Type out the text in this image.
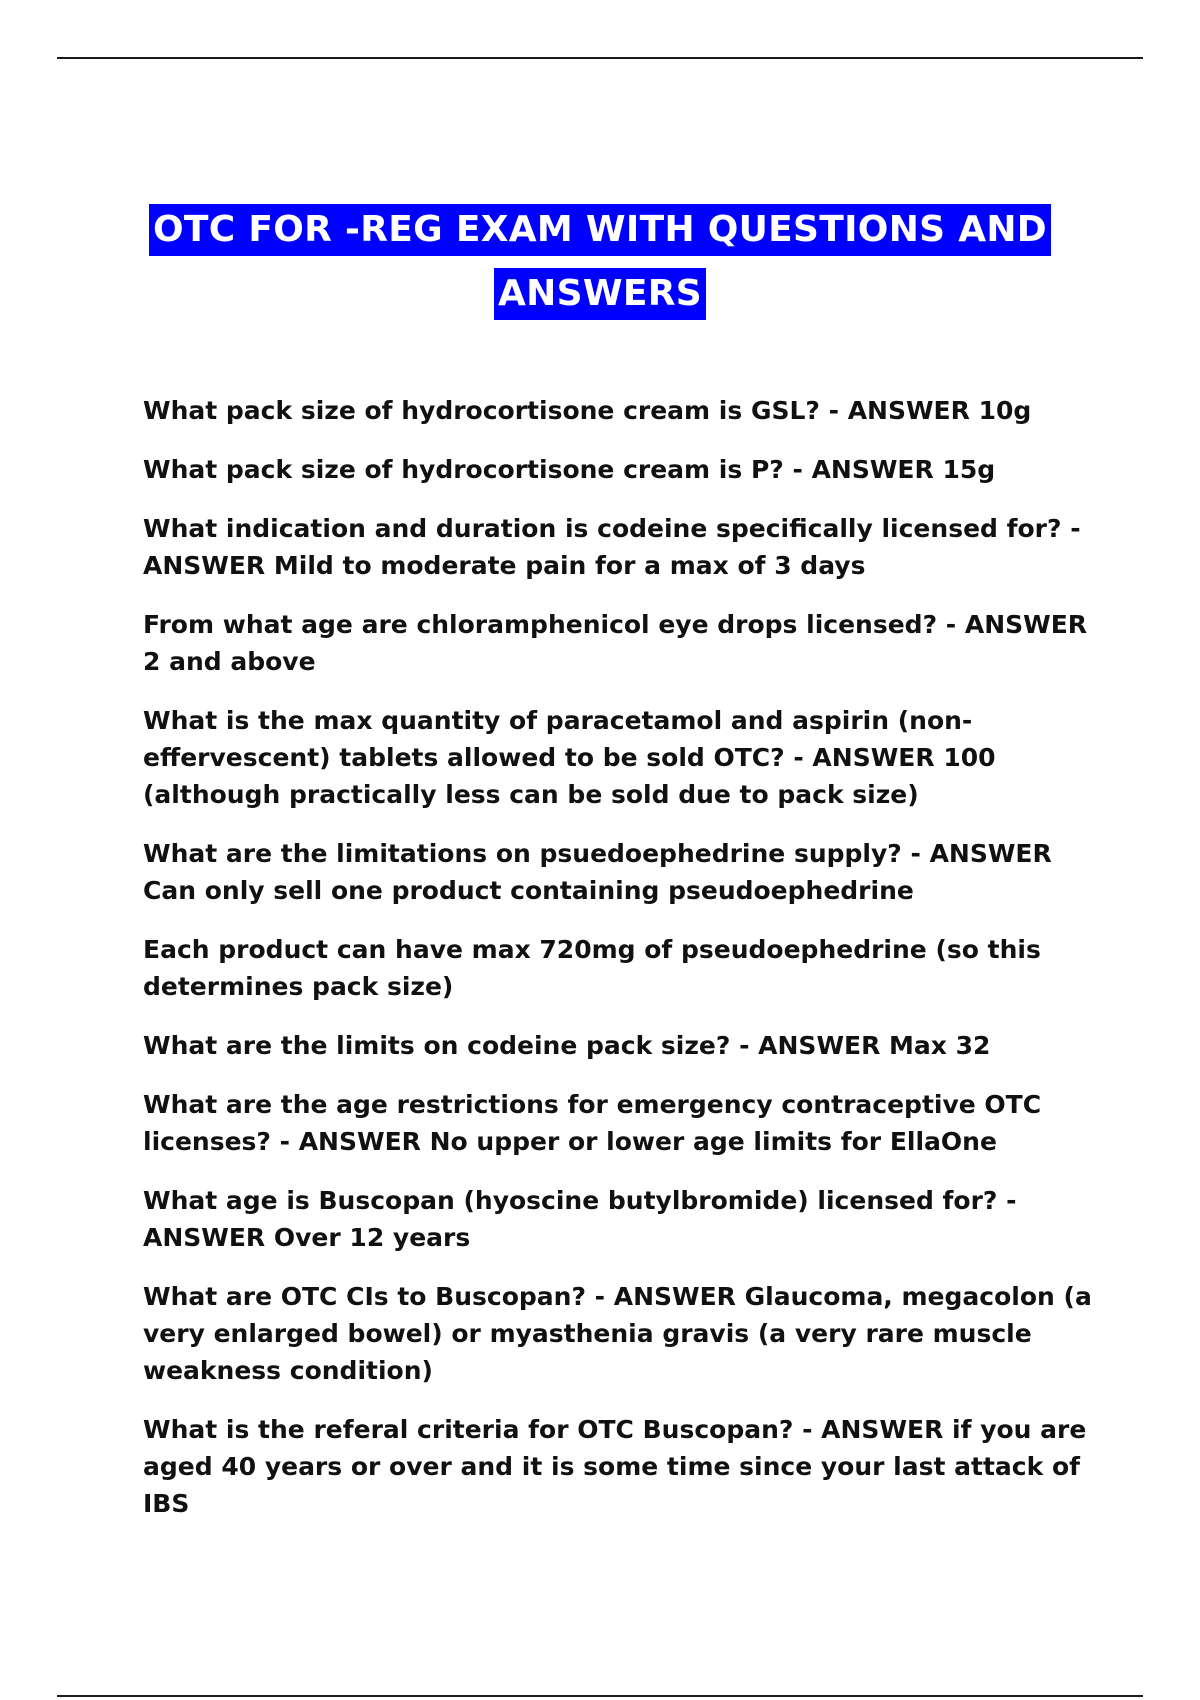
OTC FOR -REG EXAM WITH QUESTIONS AND
ANSWERS

What pack size of hydrocortisone cream is GSL? - ANSWER 10g

What pack size of hydrocortisone cream is P? - ANSWER 15g

What indication and duration is codeine specifically licensed for? - ANSWER Mild to moderate pain for a max of 3 days

From what age are chloramphenicol eye drops licensed? - ANSWER 2 and above

What is the max quantity of paracetamol and aspirin (non-effervescent) tablets allowed to be sold OTC? - ANSWER 100 (although practically less can be sold due to pack size)

What are the limitations on psuedoephedrine supply? - ANSWER Can only sell one product containing pseudoephedrine

Each product can have max 720mg of pseudoephedrine (so this determines pack size)

What are the limits on codeine pack size? - ANSWER Max 32

What are the age restrictions for emergency contraceptive OTC licenses? - ANSWER No upper or lower age limits for EllaOne

What age is Buscopan (hyoscine butylbromide) licensed for? - ANSWER Over 12 years

What are OTC CIs to Buscopan? - ANSWER Glaucoma, megacolon (a very enlarged bowel) or myasthenia gravis (a very rare muscle weakness condition)

What is the referal criteria for OTC Buscopan? - ANSWER if you are aged 40 years or over and it is some time since your last attack of IBS
